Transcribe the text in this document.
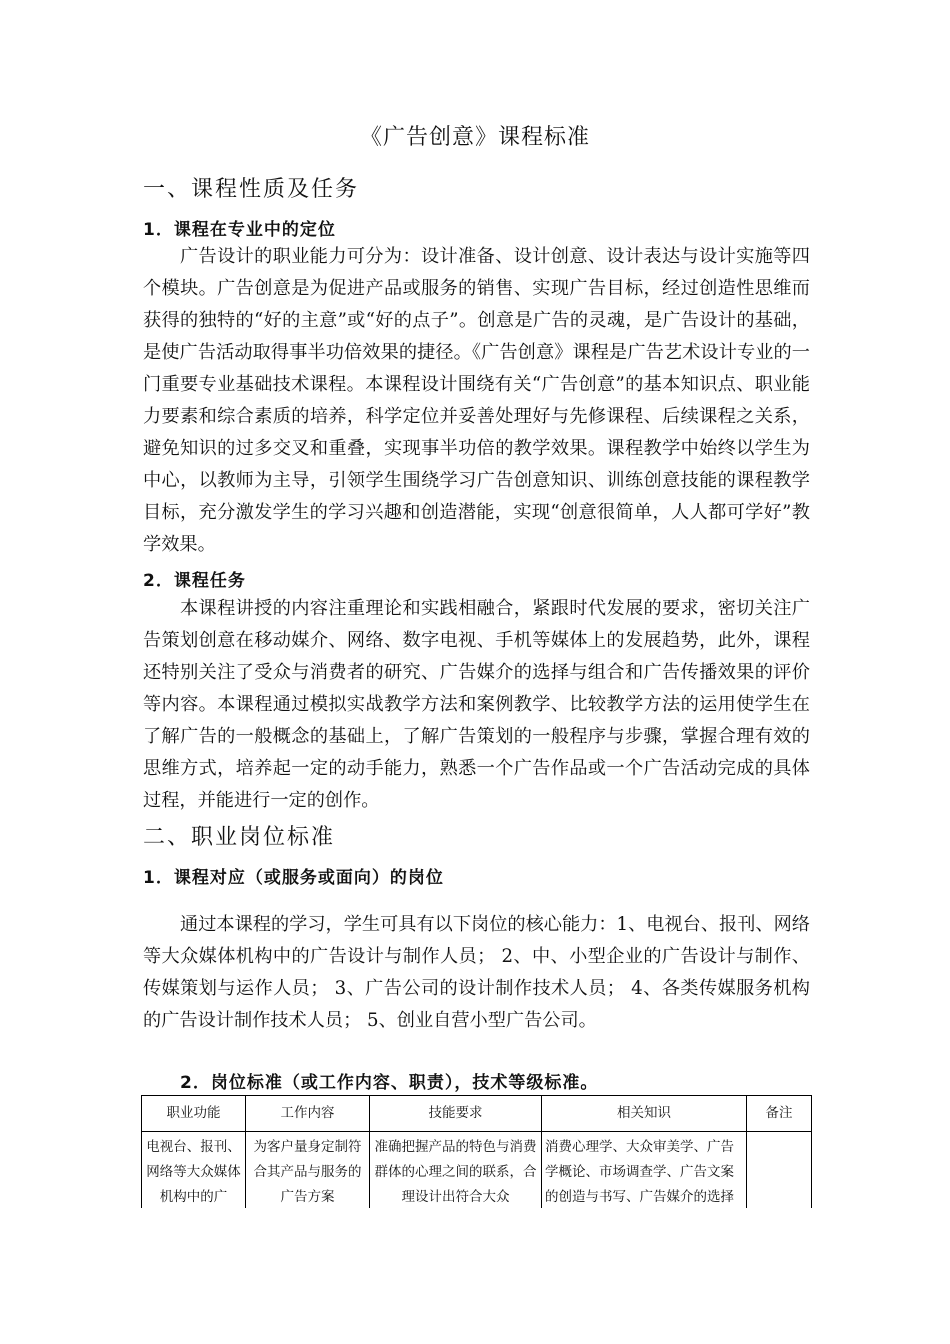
《广告创意》课程标准
一、课程性质及任务
1．课程在专业中的定位

广告设计的职业能力可分为：设计准备、设计创意、设计表达与设计实施等四个模块。广告创意是为促进产品或服务的销售、实现广告目标，经过创造性思维而获得的独特的“好的主意”或“好的点子”。创意是广告的灵魂，是广告设计的基础，是使广告活动取得事半功倍效果的捷径。《广告创意》课程是广告艺术设计专业的一门重要专业基础技术课程。本课程设计围绕有关“广告创意”的基本知识点、职业能力要素和综合素质的培养，科学定位并妥善处理好与先修课程、后续课程之关系，避免知识的过多交叉和重叠，实现事半功倍的教学效果。课程教学中始终以学生为中心，以教师为主导，引领学生围绕学习广告创意知识、训练创意技能的课程教学目标，充分激发学生的学习兴趣和创造潜能，实现“创意很简单，人人都可学好”教学效果。

2．课程任务

本课程讲授的内容注重理论和实践相融合，紧跟时代发展的要求，密切关注广告策划创意在移动媒介、网络、数字电视、手机等媒体上的发展趋势，此外，课程还特别关注了受众与消费者的研究、广告媒介的选择与组合和广告传播效果的评价等内容。本课程通过模拟实战教学方法和案例教学、比较教学方法的运用使学生在了解广告的一般概念的基础上，了解广告策划的一般程序与步骤，掌握合理有效的思维方式，培养起一定的动手能力，熟悉一个广告作品或一个广告活动完成的具体过程，并能进行一定的创作。

二、职业岗位标准
1．课程对应（或服务或面向）的岗位

通过本课程的学习，学生可具有以下岗位的核心能力：1、电视台、报刊、网络等大众媒体机构中的广告设计与制作人员； 2、中、小型企业的广告设计与制作、传媒策划与运作人员； 3、广告公司的设计制作技术人员； 4、各类传媒服务机构的广告设计制作技术人员； 5、创业自营小型广告公司。

2．岗位标准（或工作内容、职责），技术等级标准。
职业功能	工作内容	技能要求	相关知识	备注

电视台、报刊、网络等大众媒体机构中的广	为客户量身定制符合其产品与服务的广告方案	准确把握产品的特色与消费群体的心理之间的联系，合理设计出符合大众	消费心理学、大众审美学、广告学概论、市场调查学、广告文案的创造与书写、广告媒介的选择	
